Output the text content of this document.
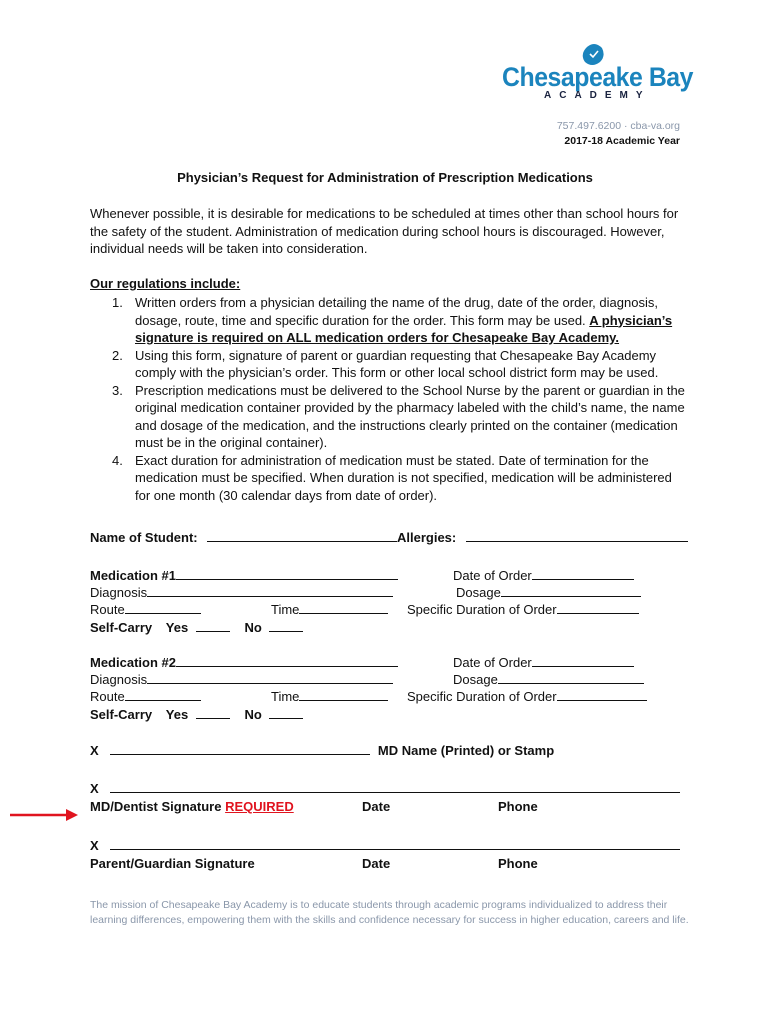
Chesapeake Bay
ACADEMY
757.497.6200 · cba-va.org
2017-18 Academic Year
Physician’s Request for Administration of Prescription Medications
Whenever possible, it is desirable for medications to be scheduled at times other than school hours for the safety of the student. Administration of medication during school hours is discouraged. However, individual needs will be taken into consideration.
Our regulations include:
1. Written orders from a physician detailing the name of the drug, date of the order, diagnosis, dosage, route, time and specific duration for the order. This form may be used. A physician’s signature is required on ALL medication orders for Chesapeake Bay Academy.
2. Using this form, signature of parent or guardian requesting that Chesapeake Bay Academy comply with the physician’s order. This form or other local school district form may be used.
3. Prescription medications must be delivered to the School Nurse by the parent or guardian in the original medication container provided by the pharmacy labeled with the child’s name, the name and dosage of the medication, and the instructions clearly printed on the container (medication must be in the original container).
4. Exact duration for administration of medication must be stated. Date of termination for the medication must be specified. When duration is not specified, medication will be administered for one month (30 calendar days from date of order).
Name of Student:	Allergies:
Medication #1	Date of Order
Diagnosis	Dosage
Route	Time	Specific Duration of Order
Self-Carry Yes	No
Medication #2	Date of Order
Diagnosis	Dosage
Route	Time	Specific Duration of Order
Self-Carry Yes	No
X	MD Name (Printed) or Stamp
X
MD/Dentist Signature REQUIRED	Date	Phone
X
Parent/Guardian Signature	Date	Phone
The mission of Chesapeake Bay Academy is to educate students through academic programs individualized to address their learning differences, empowering them with the skills and confidence necessary for success in higher education, careers and life.
